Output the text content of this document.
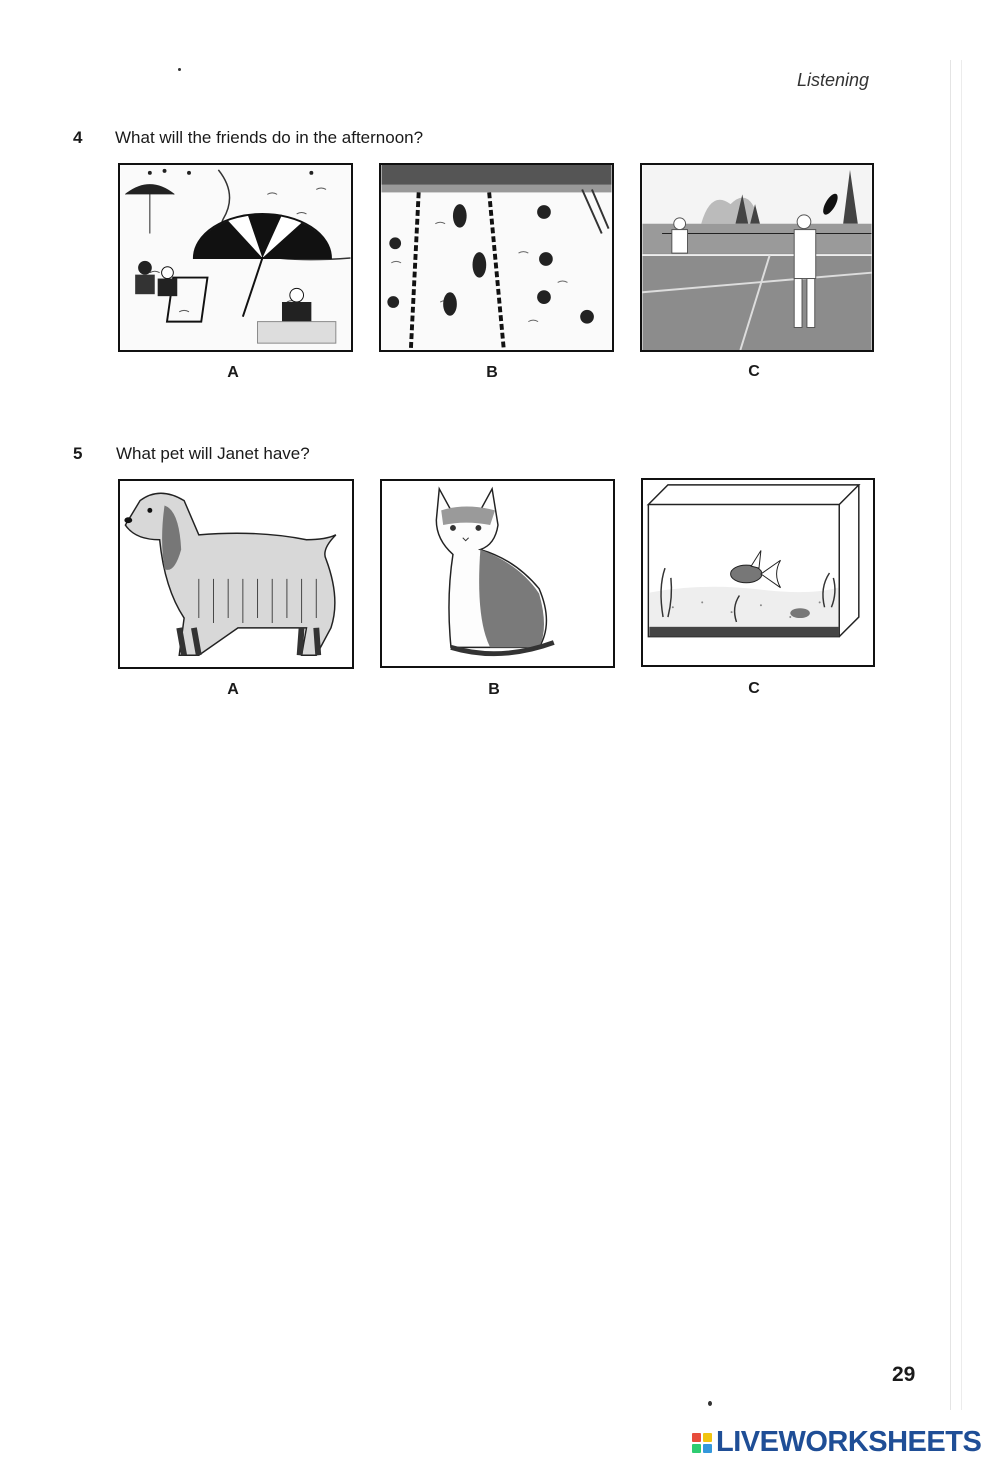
Listening
4 What will the friends do in the afternoon?
A	B	C
5 What pet will Janet have?
A	B	C
29
LIVEWORKSHEETS
